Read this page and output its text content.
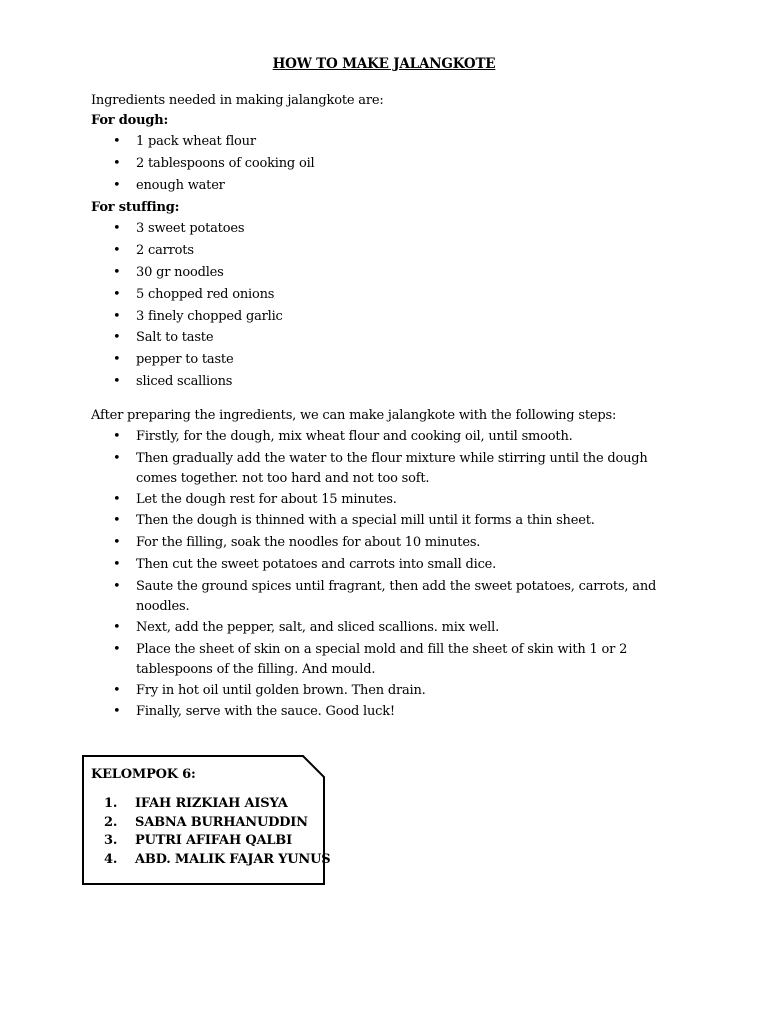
HOW TO MAKE JALANGKOTE
Ingredients needed in making jalangkote are:
For dough:
• 1 pack wheat flour
• 2 tablespoons of cooking oil
• enough water
For stuffing:
• 3 sweet potatoes
• 2 carrots
• 30 gr noodles
• 5 chopped red onions
• 3 finely chopped garlic
• Salt to taste
• pepper to taste
• sliced scallions
After preparing the ingredients, we can make jalangkote with the following steps:
• Firstly, for the dough, mix wheat flour and cooking oil, until smooth.
• Then gradually add the water to the flour mixture while stirring until the dough comes together. not too hard and not too soft.
• Let the dough rest for about 15 minutes.
• Then the dough is thinned with a special mill until it forms a thin sheet.
• For the filling, soak the noodles for about 10 minutes.
• Then cut the sweet potatoes and carrots into small dice.
• Saute the ground spices until fragrant, then add the sweet potatoes, carrots, and noodles.
• Next, add the pepper, salt, and sliced scallions. mix well.
• Place the sheet of skin on a special mold and fill the sheet of skin with 1 or 2 tablespoons of the filling. And mould.
• Fry in hot oil until golden brown. Then drain.
• Finally, serve with the sauce. Good luck!
KELOMPOK 6:
1. IFAH RIZKIAH AISYA
2. SABNA BURHANUDDIN
3. PUTRI AFIFAH QALBI
4. ABD. MALIK FAJAR YUNUS
